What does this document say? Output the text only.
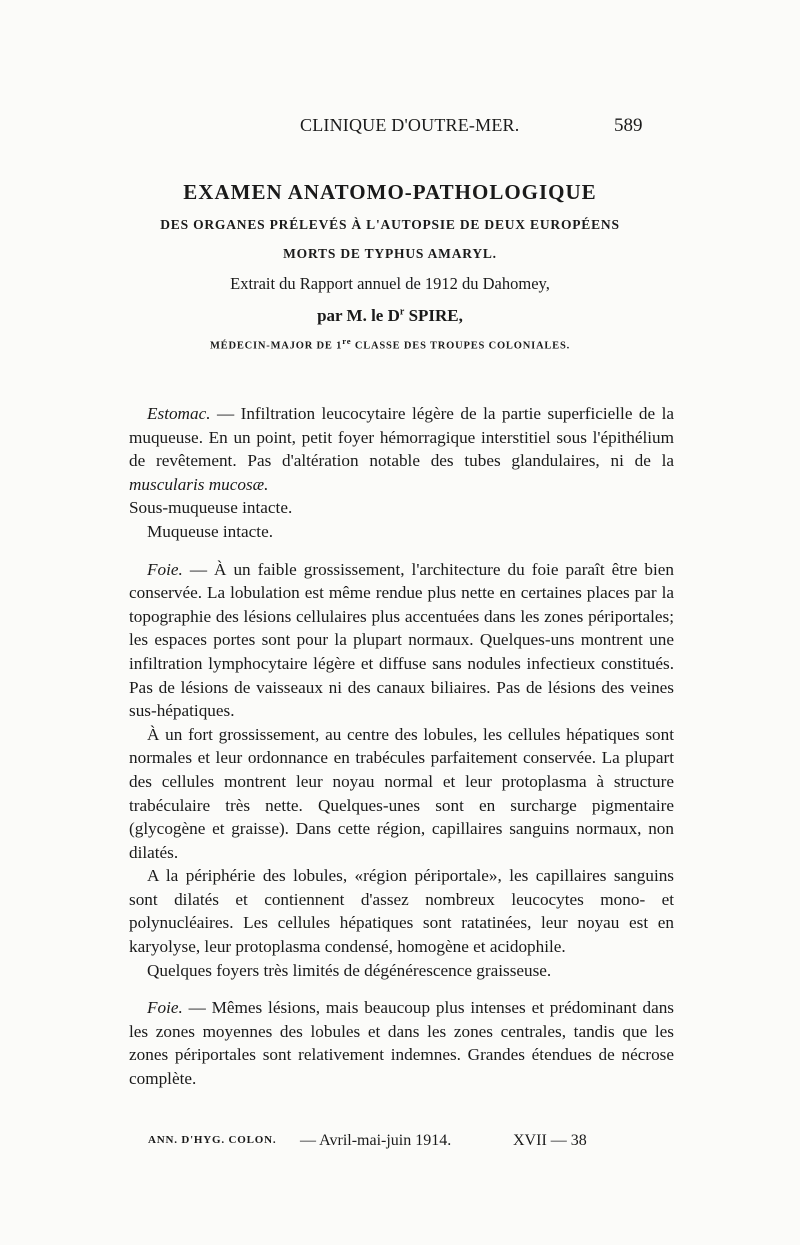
CLINIQUE D'OUTRE-MER.	589
EXAMEN ANATOMO-PATHOLOGIQUE
DES ORGANES PRÉLEVÉS À L'AUTOPSIE DE DEUX EUROPÉENS
MORTS DE TYPHUS AMARYL.
Extrait du Rapport annuel de 1912 du Dahomey,
par M. le $D^r$ SPIRE,
MÉDECIN-MAJOR DE 1re CLASSE DES TROUPES COLONIALES.

Estomac. — Infiltration leucocytaire légère de la partie superficielle de la muqueuse. En un point, petit foyer hémorragique interstitiel sous l'épithélium de revêtement. Pas d'altération notable des tubes glandulaires, ni de la muscularis mucosæ.

Sous-muqueuse intacte.

Muqueuse intacte.

Foie. — À un faible grossissement, l'architecture du foie paraît être bien conservée. La lobulation est même rendue plus nette en certaines places par la topographie des lésions cellulaires plus accentuées dans les zones périportales; les espaces portes sont pour la plupart normaux. Quelques-uns montrent une infiltration lymphocytaire légère et diffuse sans nodules infectieux constitués. Pas de lésions de vaisseaux ni des canaux biliaires. Pas de lésions des veines sus-hépatiques.

À un fort grossissement, au centre des lobules, les cellules hépatiques sont normales et leur ordonnance en trabécules parfaitement conservée. La plupart des cellules montrent leur noyau normal et leur protoplasma à structure trabéculaire très nette. Quelques-unes sont en surcharge pigmentaire (glycogène et graisse). Dans cette région, capillaires sanguins normaux, non dilatés.

A la périphérie des lobules, «région périportale», les capillaires sanguins sont dilatés et contiennent d'assez nombreux leucocytes mono- et polynucléaires. Les cellules hépatiques sont ratatinées, leur noyau est en karyolyse, leur protoplasma condensé, homogène et acidophile.

Quelques foyers très limités de dégénérescence graisseuse.

Foie. — Mêmes lésions, mais beaucoup plus intenses et prédominant dans les zones moyennes des lobules et dans les zones centrales, tandis que les zones périportales sont relativement indemnes. Grandes étendues de nécrose complète.

ANN. D'HYG. COLON. — Avril-mai-juin 1914.	XVII — 38
